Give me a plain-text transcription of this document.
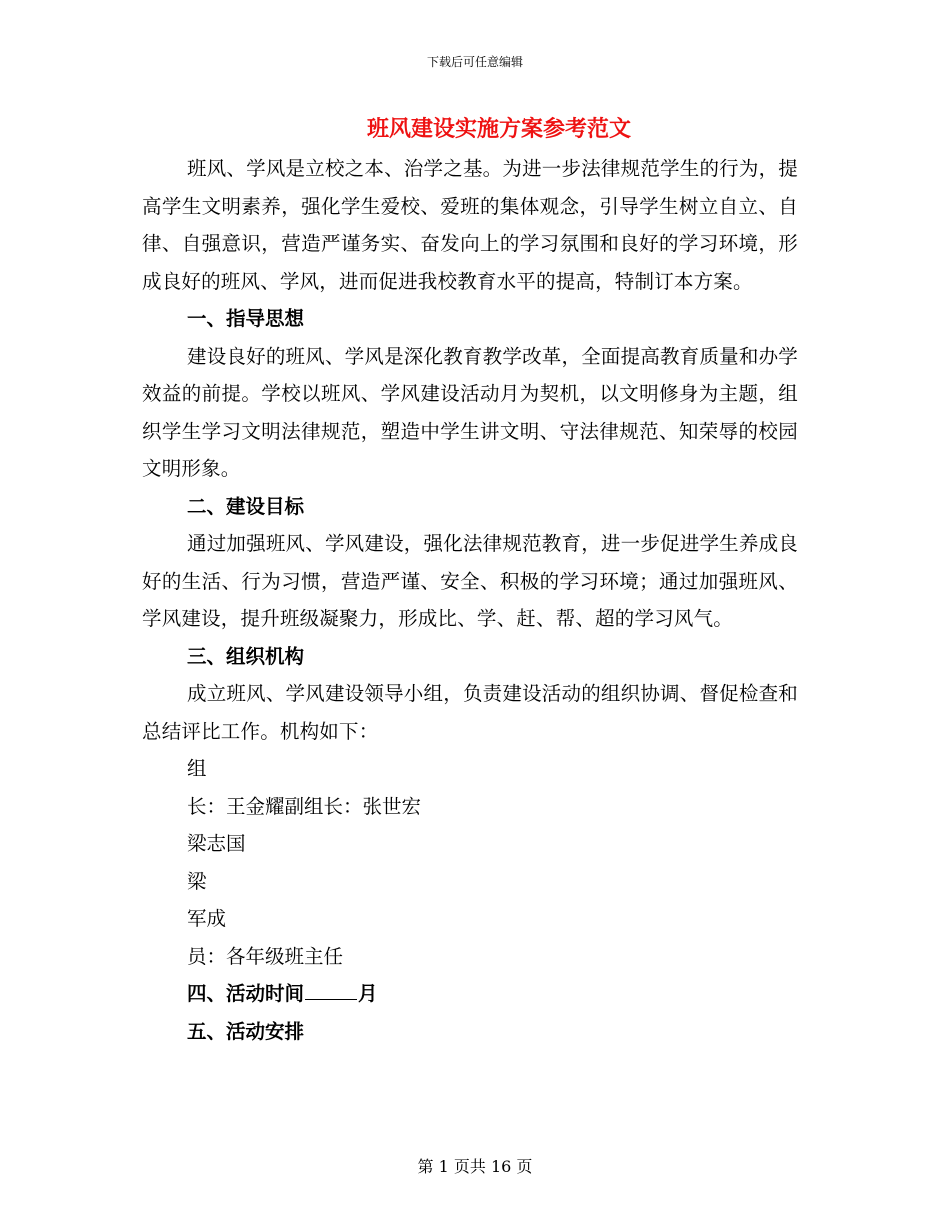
下载后可任意编辑
班风建设实施方案参考范文

班风、学风是立校之本、治学之基。为进一步法律规范学生的行为，提高学生文明素养，强化学生爱校、爱班的集体观念，引导学生树立自立、自律、自强意识，营造严谨务实、奋发向上的学习氛围和良好的学习环境，形成良好的班风、学风，进而促进我校教育水平的提高，特制订本方案。

一、指导思想

建设良好的班风、学风是深化教育教学改革，全面提高教育质量和办学效益的前提。学校以班风、学风建设活动月为契机，以文明修身为主题，组织学生学习文明法律规范，塑造中学生讲文明、守法律规范、知荣辱的校园文明形象。

二、建设目标

通过加强班风、学风建设，强化法律规范教育，进一步促进学生养成良好的生活、行为习惯，营造严谨、安全、积极的学习环境；通过加强班风、学风建设，提升班级凝聚力，形成比、学、赶、帮、超的学习风气。

三、组织机构

成立班风、学风建设领导小组，负责建设活动的组织协调、督促检查和总结评比工作。机构如下：

组

长：王金耀副组长：张世宏

梁志国

梁

军成

员：各年级班主任

四、活动时间	月

五、活动安排

第 1 页共 16 页
